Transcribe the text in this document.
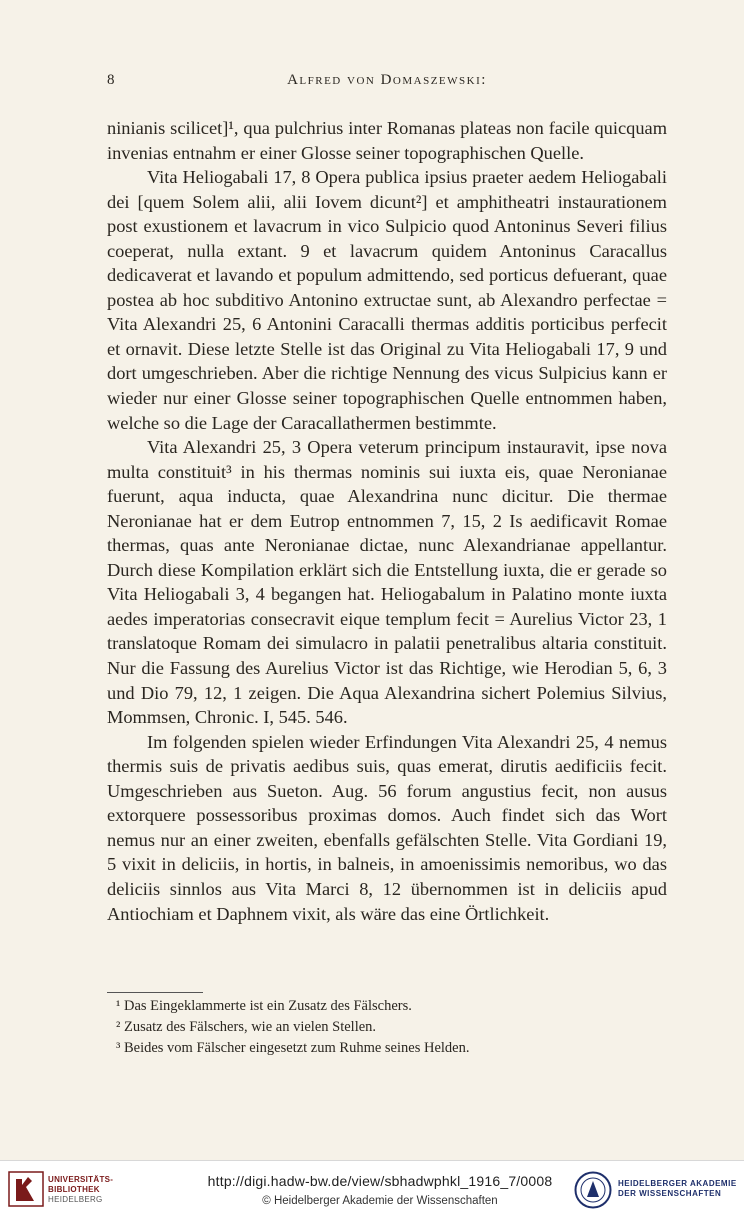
8	Alfred von Domaszewski:

ninianis scilicet]¹, qua pulchrius inter Romanas plateas non facile quicquam invenias entnahm er einer Glosse seiner topographischen Quelle.

Vita Heliogabali 17, 8 Opera publica ipsius praeter aedem Heliogabali dei [quem Solem alii, alii Iovem dicunt²] et amphitheatri instaurationem post exustionem et lavacrum in vico Sulpicio quod Antoninus Severi filius coeperat, nulla extant. 9 et lavacrum quidem Antoninus Caracallus dedicaverat et lavando et populum admittendo, sed porticus defuerant, quae postea ab hoc subditivo Antonino extructae sunt, ab Alexandro perfectae = Vita Alexandri 25, 6 Antonini Caracalli thermas additis porticibus perfecit et ornavit. Diese letzte Stelle ist das Original zu Vita Heliogabali 17, 9 und dort umgeschrieben. Aber die richtige Nennung des vicus Sulpicius kann er wieder nur einer Glosse seiner topographischen Quelle entnommen haben, welche so die Lage der Caracallathermen bestimmte.

Vita Alexandri 25, 3 Opera veterum principum instauravit, ipse nova multa constituit³ in his thermas nominis sui iuxta eis, quae Neronianae fuerunt, aqua inducta, quae Alexandrina nunc dicitur. Die thermae Neronianae hat er dem Eutrop entnommen 7, 15, 2 Is aedificavit Romae thermas, quas ante Neronianae dictae, nunc Alexandrianae appellantur. Durch diese Kompilation erklärt sich die Entstellung iuxta, die er gerade so Vita Heliogabali 3, 4 begangen hat. Heliogabalum in Palatino monte iuxta aedes imperatorias consecravit eique templum fecit = Aurelius Victor 23, 1 translatoque Romam dei simulacro in palatii penetralibus altaria constituit. Nur die Fassung des Aurelius Victor ist das Richtige, wie Herodian 5, 6, 3 und Dio 79, 12, 1 zeigen. Die Aqua Alexandrina sichert Polemius Silvius, Mommsen, Chronic. I, 545. 546.

Im folgenden spielen wieder Erfindungen Vita Alexandri 25, 4 nemus thermis suis de privatis aedibus suis, quas emerat, dirutis aedificiis fecit. Umgeschrieben aus Sueton. Aug. 56 forum angustius fecit, non ausus extorquere possessoribus proximas domos. Auch findet sich das Wort nemus nur an einer zweiten, ebenfalls gefälschten Stelle. Vita Gordiani 19, 5 vixit in deliciis, in hortis, in balneis, in amoenissimis nemoribus, wo das deliciis sinnlos aus Vita Marci 8, 12 übernommen ist in deliciis apud Antiochiam et Daphnem vixit, als wäre das eine Örtlichkeit.

¹ Das Eingeklammerte ist ein Zusatz des Fälschers.
² Zusatz des Fälschers, wie an vielen Stellen.
³ Beides vom Fälscher eingesetzt zum Ruhme seines Helden.
UNIVERSITÄTS-
BIBLIOTHEK
HEIDELBERG
http://digi.hadw-bw.de/view/sbhadwphkl_1916_7/0008
© Heidelberger Akademie der Wissenschaften
HEIDELBERGER AKADEMIE
DER WISSENSCHAFTEN
